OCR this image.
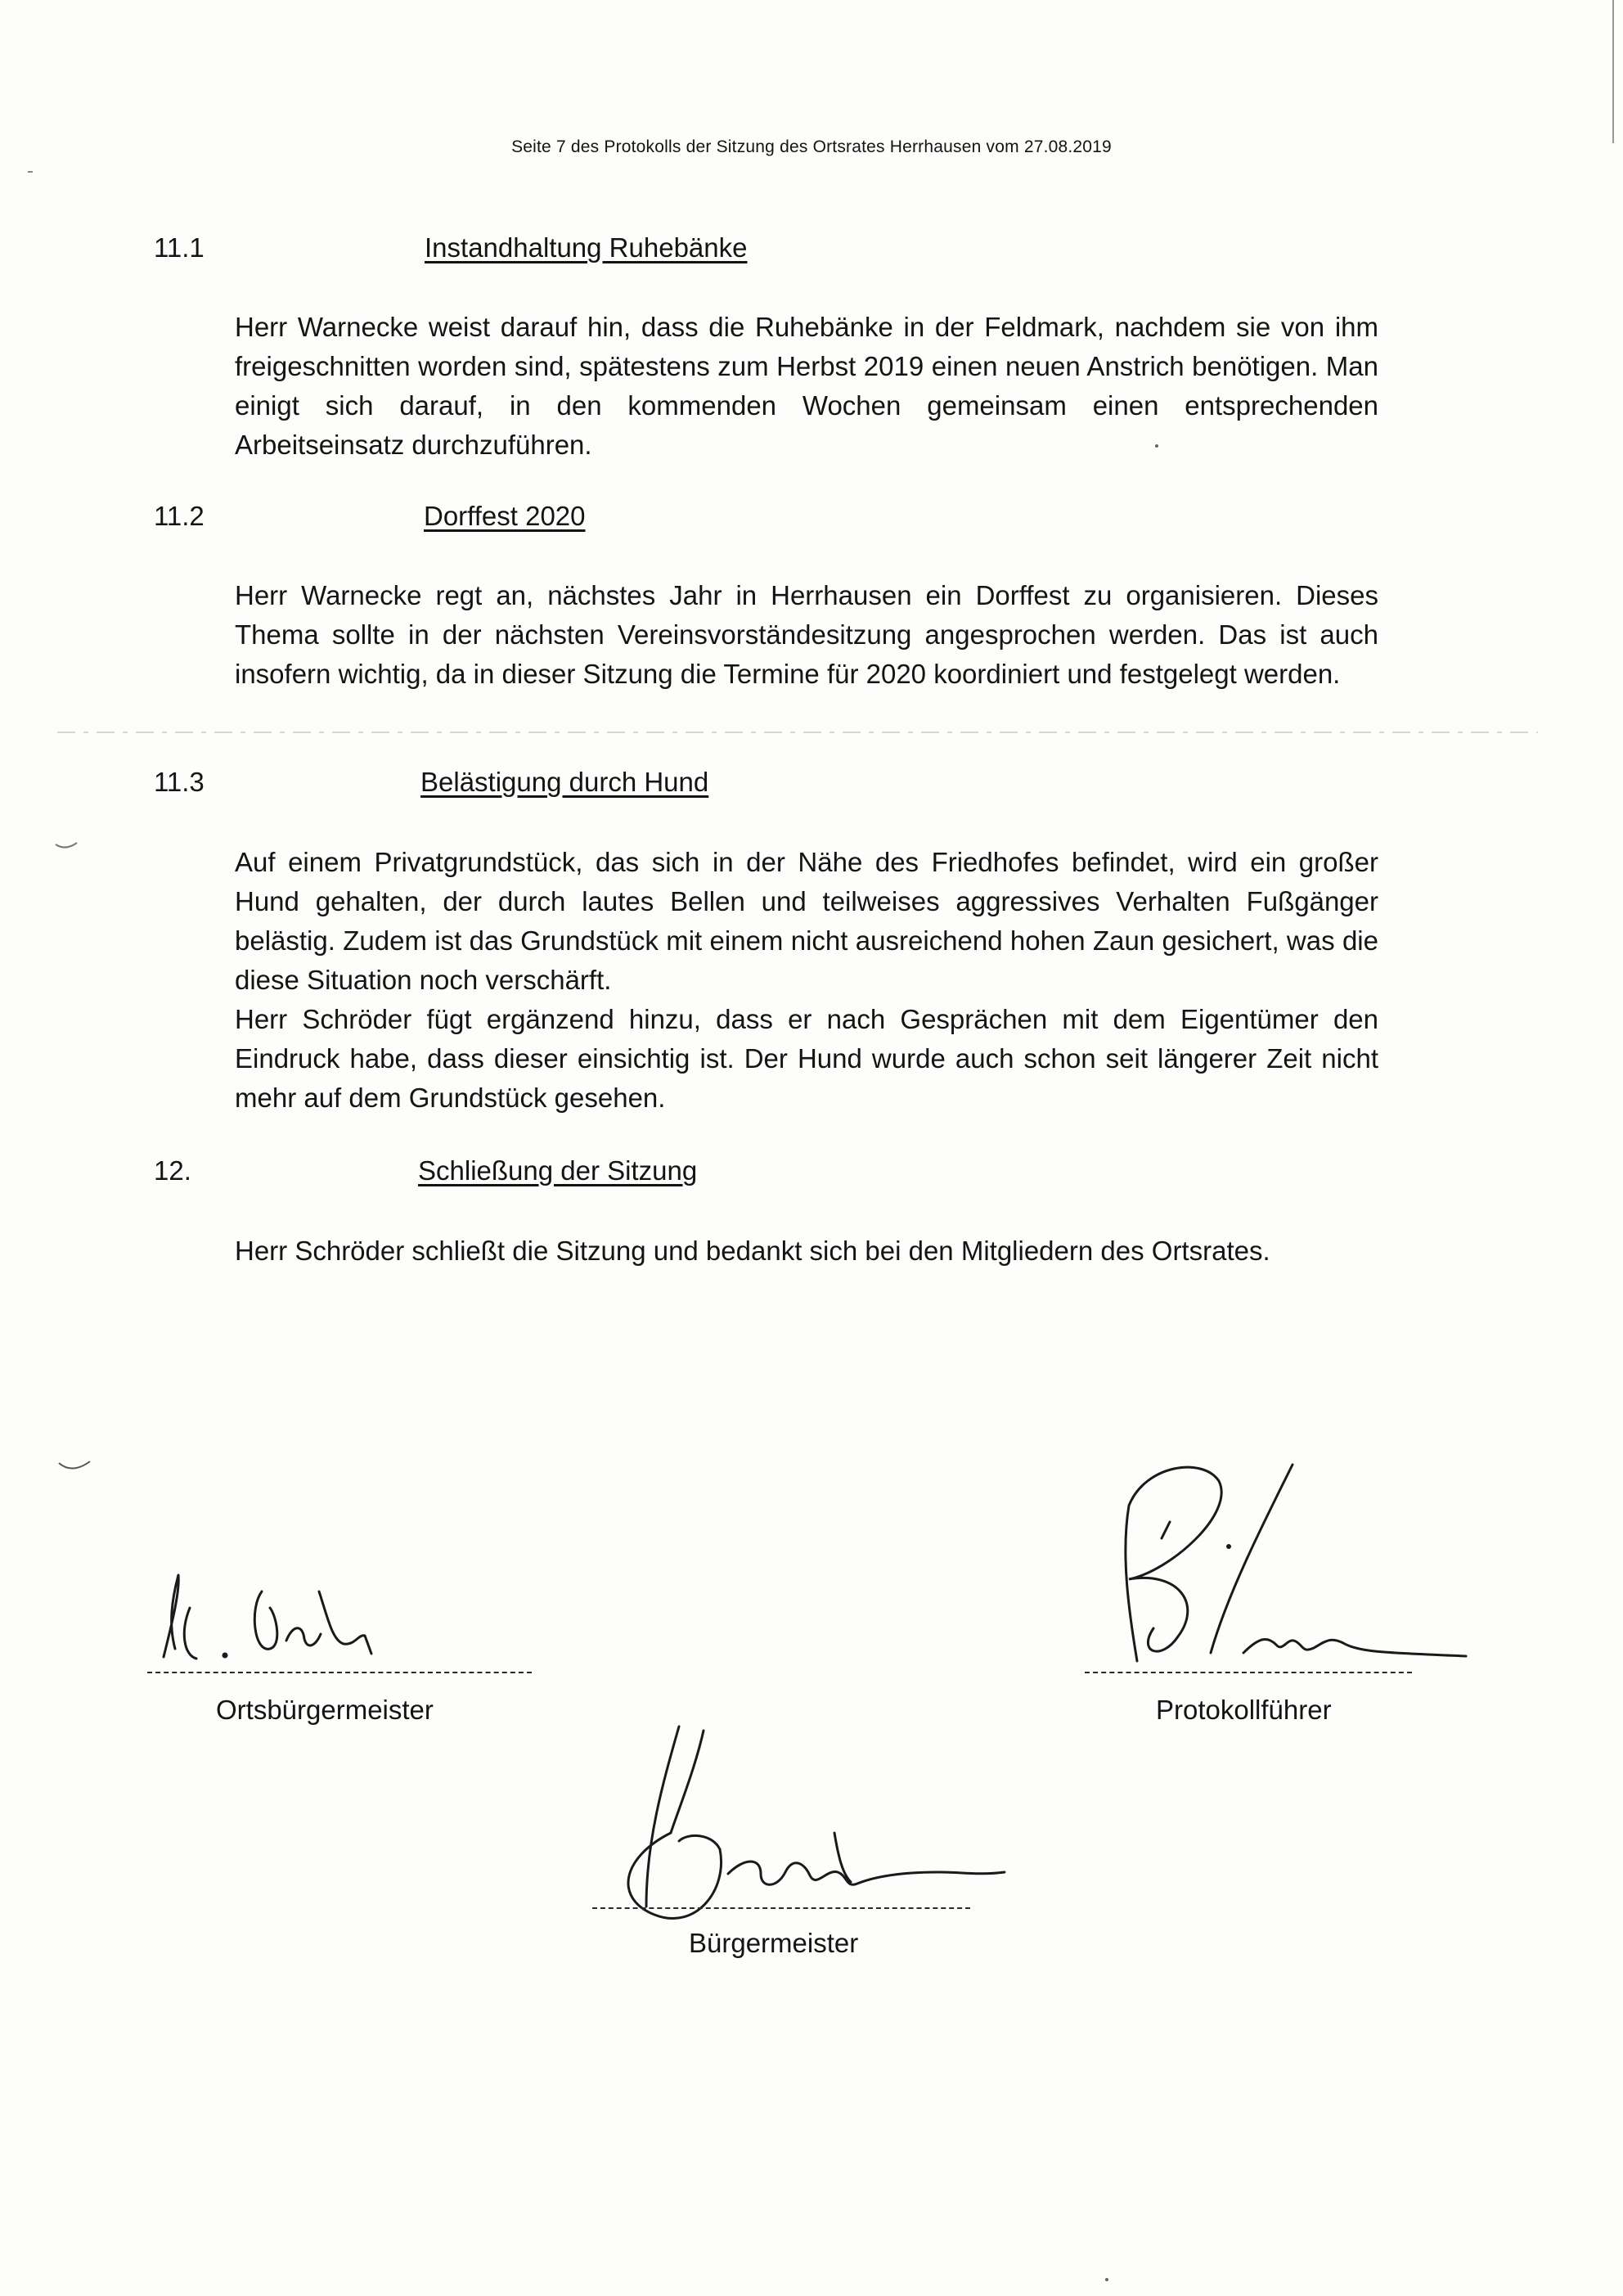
Seite 7 des Protokolls der Sitzung des Ortsrates Herrhausen vom 27.08.2019
11.1	Instandhaltung Ruhebänke

Herr Warnecke weist darauf hin, dass die Ruhebänke in der Feldmark, nachdem sie von ihm freigeschnitten worden sind, spätestens zum Herbst 2019 einen neuen Anstrich benötigen. Man einigt sich darauf, in den kommenden Wochen gemeinsam einen entsprechenden Arbeitseinsatz durchzuführen.

11.2	Dorffest 2020

Herr Warnecke regt an, nächstes Jahr in Herrhausen ein Dorffest zu organisieren. Dieses Thema sollte in der nächsten Vereinsvorständesitzung angesprochen werden. Das ist auch insofern wichtig, da in dieser Sitzung die Termine für 2020 koordiniert und festgelegt werden.

11.3	Belästigung durch Hund

Auf einem Privatgrundstück, das sich in der Nähe des Friedhofes befindet, wird ein großer Hund gehalten, der durch lautes Bellen und teilweises aggressives Verhalten Fußgänger belästig. Zudem ist das Grundstück mit einem nicht ausreichend hohen Zaun gesichert, was die diese Situation noch verschärft.

Herr Schröder fügt ergänzend hinzu, dass er nach Gesprächen mit dem Eigentümer den Eindruck habe, dass dieser einsichtig ist. Der Hund wurde auch schon seit längerer Zeit nicht mehr auf dem Grundstück gesehen.

12.	Schließung der Sitzung

Herr Schröder schließt die Sitzung und bedankt sich bei den Mitgliedern des Ortsrates.

Ortsbürgermeister	Protokollführer
Bürgermeister
